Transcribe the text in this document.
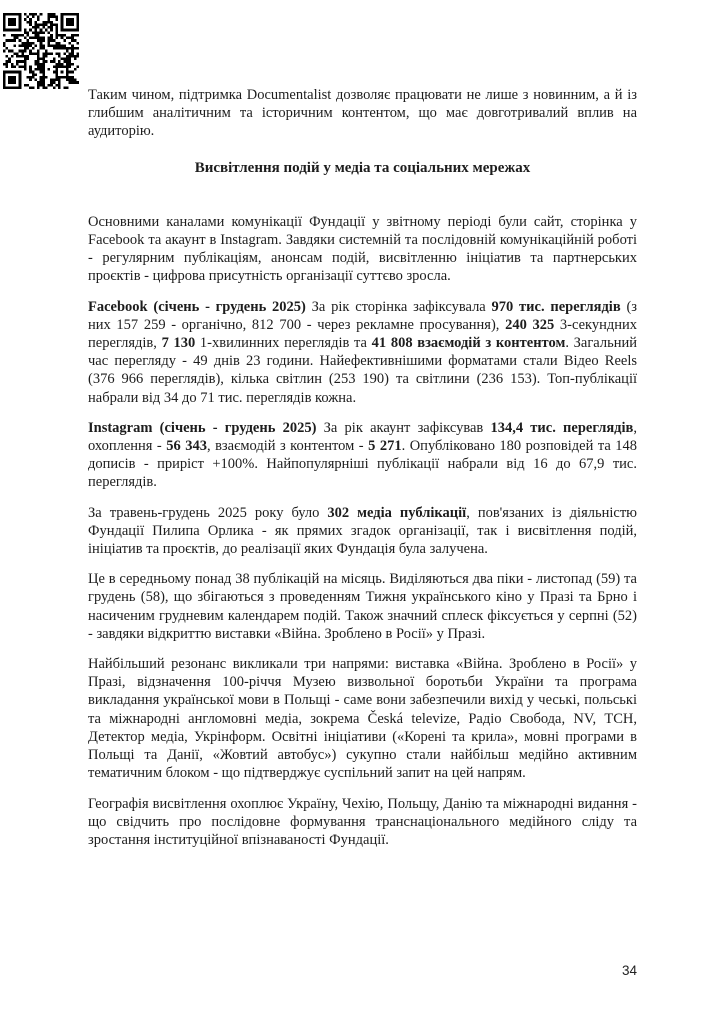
Таким чином, підтримка Documentalist дозволяє працювати не лише з новинним, а й із глибшим аналітичним та історичним контентом, що має довготривалий вплив на аудиторію.

Висвітлення подій у медіа та соціальних мережах

Основними каналами комунікації Фундації у звітному періоді були сайт, сторінка у Facebook та акаунт в Instagram. Завдяки системній та послідовній комунікаційній роботі - регулярним публікаціям, анонсам подій, висвітленню ініціатив та партнерських проєктів - цифрова присутність організації суттєво зросла.

Facebook (січень - грудень 2025) За рік сторінка зафіксувала 970 тис. переглядів (з них 157 259 - органічно, 812 700 - через рекламне просування), 240 325 3-секундних переглядів, 7 130 1-хвилинних переглядів та 41 808 взаємодій з контентом. Загальний час перегляду - 49 днів 23 години. Найефективнішими форматами стали Відео Reels (376 966 переглядів), кілька світлин (253 190) та світлини (236 153). Топ-публікації набрали від 34 до 71 тис. переглядів кожна.

Instagram (січень - грудень 2025) За рік акаунт зафіксував 134,4 тис. переглядів, охоплення - 56 343, взаємодій з контентом - 5 271. Опубліковано 180 розповідей та 148 дописів - приріст +100%. Найпопулярніші публікації набрали від 16 до 67,9 тис. переглядів.

За травень-грудень 2025 року було 302 медіа публікації, пов'язаних із діяльністю Фундації Пилипа Орлика - як прямих згадок організації, так і висвітлення подій, ініціатив та проєктів, до реалізації яких Фундація була залучена.

Це в середньому понад 38 публікацій на місяць. Виділяються два піки - листопад (59) та грудень (58), що збігаються з проведенням Тижня українського кіно у Празі та Брно і насиченим грудневим календарем подій. Також значний сплеск фіксується у серпні (52) - завдяки відкриттю виставки «Війна. Зроблено в Росії» у Празі.

Найбільший резонанс викликали три напрями: виставка «Війна. Зроблено в Росії» у Празі, відзначення 100-річчя Музею визвольної боротьби України та програма викладання української мови в Польщі - саме вони забезпечили вихід у чеські, польські та міжнародні англомовні медіа, зокрема Česká televize, Радіо Свобода, NV, ТСН, Детектор медіа, Укрінформ. Освітні ініціативи («Корені та крила», мовні програми в Польщі та Данії, «Жовтий автобус») сукупно стали найбільш медійно активним тематичним блоком - що підтверджує суспільний запит на цей напрям.

Географія висвітлення охоплює Україну, Чехію, Польщу, Данію та міжнародні видання - що свідчить про послідовне формування транснаціонального медійного сліду та зростання інституційної впізнаваності Фундації.

34
